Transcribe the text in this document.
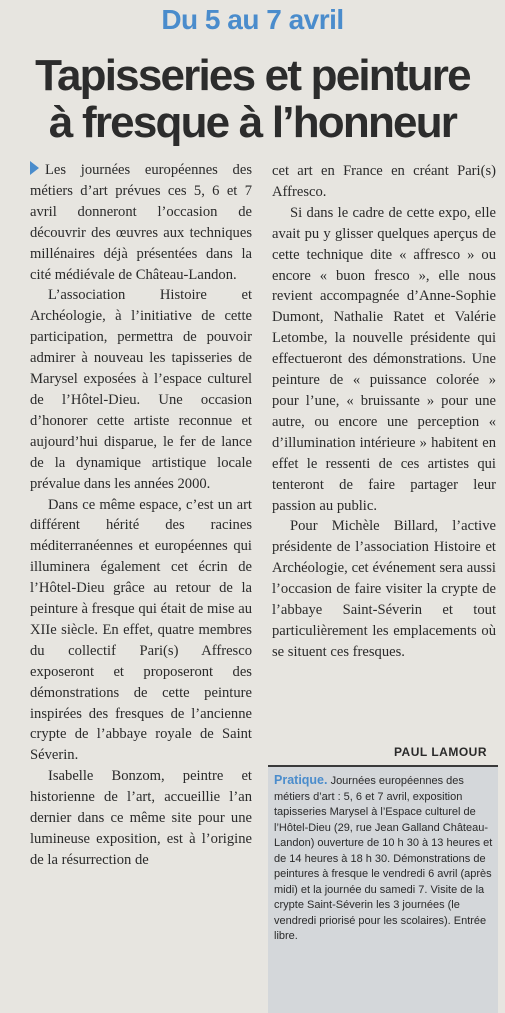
Du 5 au 7 avril
Tapisseries et peinture
à fresque à l’honneur

Les journées européennes des métiers d’art prévues ces 5, 6 et 7 avril donneront l’occasion de découvrir des œuvres aux techniques millénaires déjà présentées dans la cité médiévale de Château-Landon.

L’association Histoire et Archéologie, à l’initiative de cette participation, permettra de pouvoir admirer à nouveau les tapisseries de Marysel exposées à l’espace culturel de l’Hôtel-Dieu. Une occasion d’honorer cette artiste reconnue et aujourd’hui disparue, le fer de lance de la dynamique artistique locale prévalue dans les années 2000.

Dans ce même espace, c’est un art différent hérité des racines méditerranéennes et européennes qui illuminera également cet écrin de l’Hôtel-Dieu grâce au retour de la peinture à fresque qui était de mise au XIIe siècle. En effet, quatre membres du collectif Pari(s) Affresco exposeront et proposeront des démonstrations de cette peinture inspirées des fresques de l’ancienne crypte de l’abbaye royale de Saint Séverin.

Isabelle Bonzom, peintre et historienne de l’art, accueillie l’an dernier dans ce même site pour une lumineuse exposition, est à l’origine de la résurrection de

cet art en France en créant Pari(s) Affresco.

Si dans le cadre de cette expo, elle avait pu y glisser quelques aperçus de cette technique dite « affresco » ou encore « buon fresco », elle nous revient accompagnée d’Anne-Sophie Dumont, Nathalie Ratet et Valérie Letombe, la nouvelle présidente qui effectueront des démonstrations. Une peinture de « puissance colorée » pour l’une, « bruissante » pour une autre, ou encore une perception « d’illumination intérieure » habitent en effet le ressenti de ces artistes qui tenteront de faire partager leur passion au public.

Pour Michèle Billard, l’active présidente de l’association Histoire et Archéologie, cet événement sera aussi l’occasion de faire visiter la crypte de l’abbaye Saint-Séverin et tout particulièrement les emplacements où se situent ces fresques.

PAUL LAMOUR
Pratique. Journées européennes des métiers d’art : 5, 6 et 7 avril, exposition tapisseries Marysel à l’Espace culturel de l’Hôtel-Dieu (29, rue Jean Galland Château-Landon) ouverture de 10 h 30 à 13 heures et de 14 heures à 18 h 30. Démonstrations de peintures à fresque le vendredi 6 avril (après midi) et la journée du samedi 7. Visite de la crypte Saint-Séverin les 3 journées (le vendredi priorisé pour les scolaires). Entrée libre.
